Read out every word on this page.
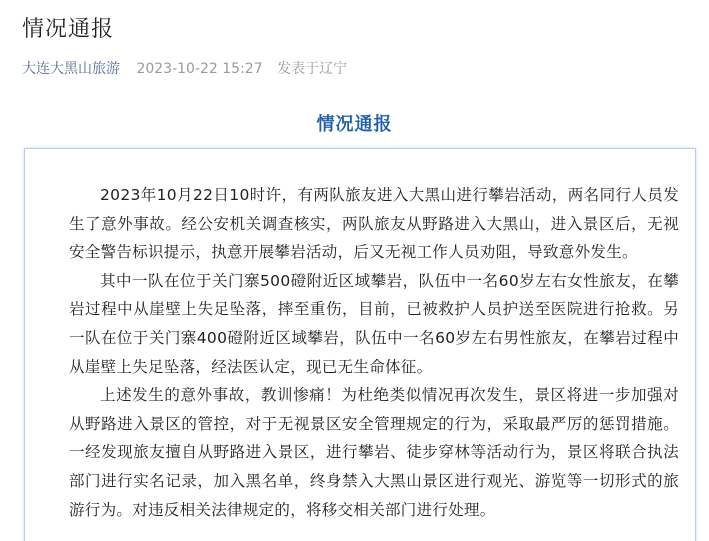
情况通报
大连大黑山旅游 2023-10-22 15:27 发表于辽宁
情况通报

2023年10月22日10时许，有两队旅友进入大黑山进行攀岩活动，两名同行人员发生了意外事故。经公安机关调查核实，两队旅友从野路进入大黑山，进入景区后，无视安全警告标识提示，执意开展攀岩活动，后又无视工作人员劝阻，导致意外发生。

其中一队在位于关门寨500磴附近区域攀岩，队伍中一名60岁左右女性旅友，在攀岩过程中从崖壁上失足坠落，摔至重伤，目前，已被救护人员护送至医院进行抢救。另一队在位于关门寨400磴附近区域攀岩，队伍中一名60岁左右男性旅友，在攀岩过程中从崖壁上失足坠落，经法医认定，现已无生命体征。

上述发生的意外事故，教训惨痛！为杜绝类似情况再次发生，景区将进一步加强对从野路进入景区的管控，对于无视景区安全管理规定的行为，采取最严厉的惩罚措施。一经发现旅友擅自从野路进入景区，进行攀岩、徒步穿林等活动行为，景区将联合执法部门进行实名记录，加入黑名单，终身禁入大黑山景区进行观光、游览等一切形式的旅游行为。对违反相关法律规定的，将移交相关部门进行处理。
